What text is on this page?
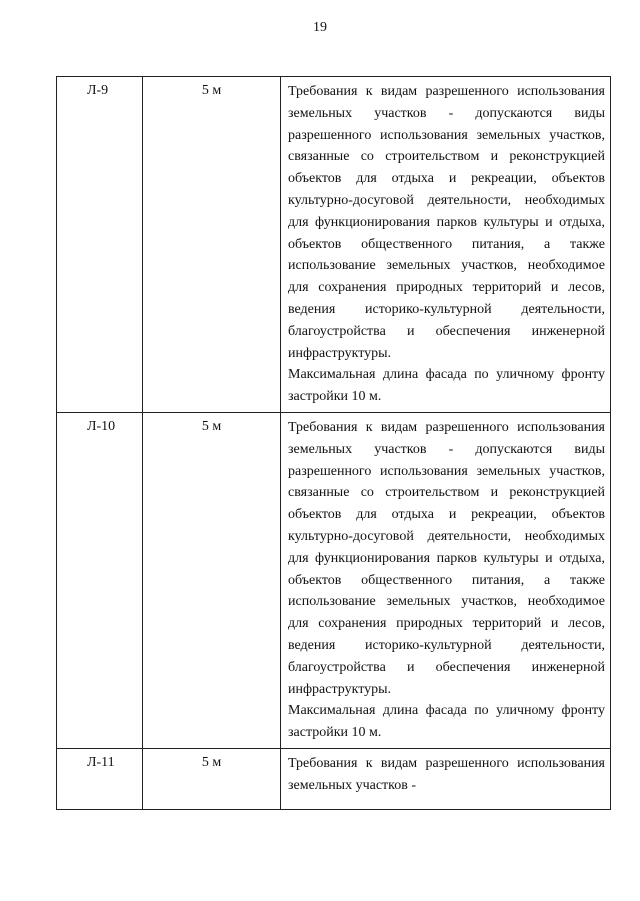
19
Л-9	5 м	Требования к видам разрешенного использования земельных участков - допускаются виды разрешенного использования земельных участков, связанные со строительством и реконструкцией объектов для отдыха и рекреации, объектов культурно-досуговой деятельности, необходимых для функционирования парков культуры и отдыха, объектов общественного питания, а также использование земельных участков, необходимое для сохранения природных территорий и лесов, ведения историко-культурной деятельности, благоустройства и обеспечения инженерной инфраструктуры.
Максимальная длина фасада по уличному фронту застройки 10 м.

Л-10	5 м	Требования к видам разрешенного использования земельных участков - допускаются виды разрешенного использования земельных участков, связанные со строительством и реконструкцией объектов для отдыха и рекреации, объектов культурно-досуговой деятельности, необходимых для функционирования парков культуры и отдыха, объектов общественного питания, а также использование земельных участков, необходимое для сохранения природных территорий и лесов, ведения историко-культурной деятельности, благоустройства и обеспечения инженерной инфраструктуры.
Максимальная длина фасада по уличному фронту застройки 10 м.

Л-11	5 м	Требования к видам разрешенного использования земельных участков -
